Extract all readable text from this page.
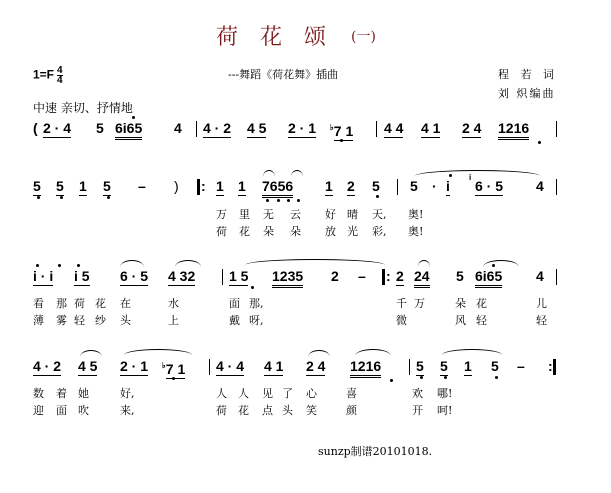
荷花颂 (一)
$1=F \frac{4}{4}$	---舞蹈《荷花舞》插曲	程 若 词
刘 炽编曲
中速 亲切、抒情地
( 2 · 4 5 6i65 4 4 · 2 4 5 2 · 1 ♭7 1 4 4 4 1 2 4 1216
5 5 1 5 – ) : 1 1 7656 1 2 5 5 · i
i
6 · 5 4
万 里 无 云 好 晴 天, 奥!
荷 花 朵 朵 放 光 彩, 奥!
i · i i 5 6 · 5 4 32 1 5 1235 2 – : 2 24 5 6i65 4
看 那 荷 花 在	水	面 那,	千 万	朵 花	儿
薄 雾 轻 纱 头	上	戴 呀,	微	风 轻	轻
4 · 2 4 5 2 · 1 ♭7 1 4 · 4 4 1 2 4 1216 5 5 1 5 – :
数 着 她	好,	人 人 见 了 心	喜	欢 哪!
迎 面 吹	来,	荷 花 点 头 笑	颜	开 呵!
sunzp制谱20101018.
